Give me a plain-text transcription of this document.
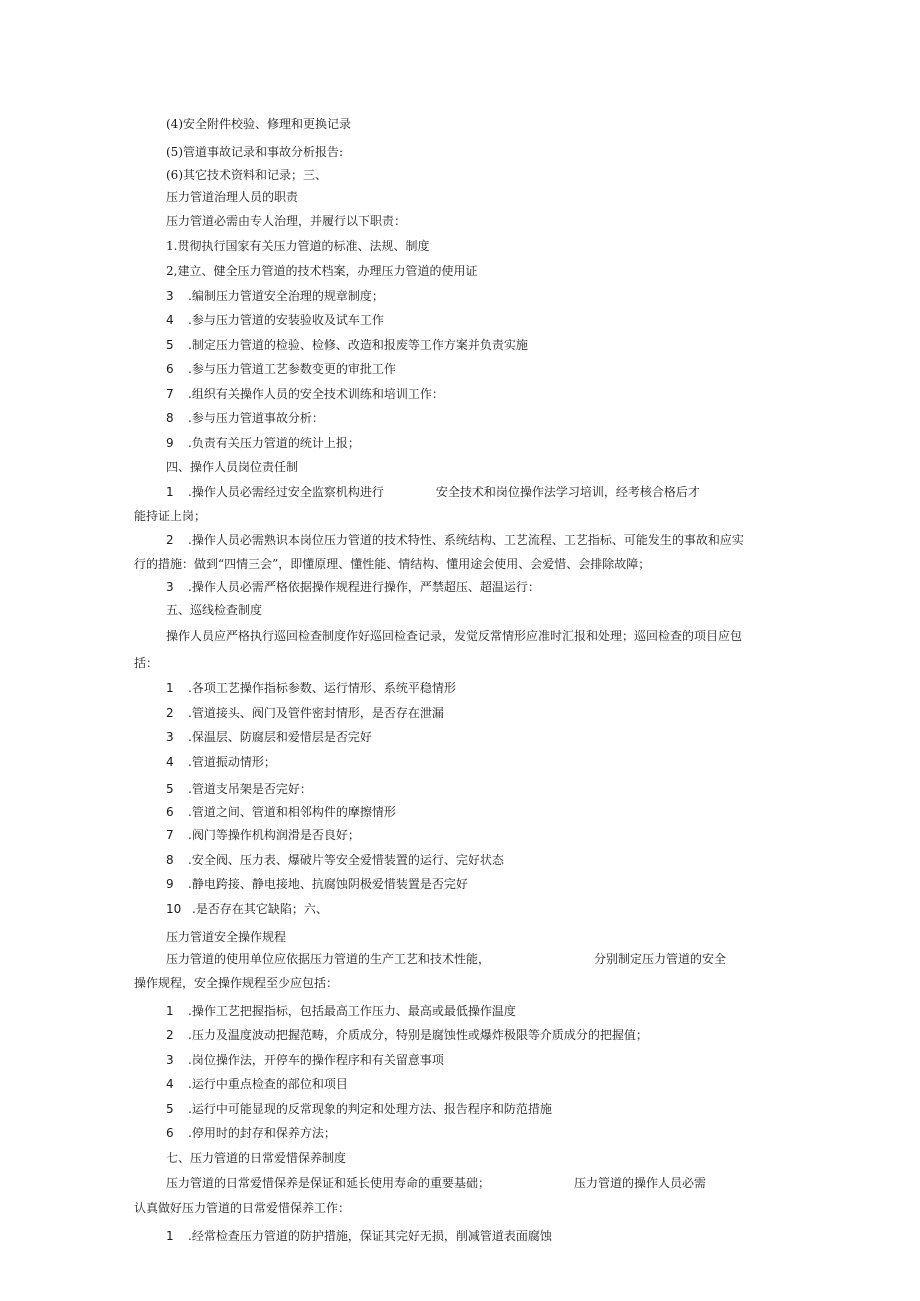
(4)安全附件校验、修理和更换记录
(5)管道事故记录和事故分析报告:
(6)其它技术资料和记录；三、
压力管道治理人员的职责
压力管道必需由专人治理，并履行以下职责：
1.贯彻执行国家有关压力管道的标准、法规、制度
2,建立、健全压力管道的技术档案，办理压力管道的使用证
3 .编制压力管道安全治理的规章制度；
4 .参与压力管道的安装验收及试车工作
5 .制定压力管道的检验、检修、改造和报废等工作方案并负责实施
6 .参与压力管道工艺参数变更的审批工作
7 .组织有关操作人员的安全技术训练和培训工作：
8 .参与压力管道事故分析：
9 .负责有关压力管道的统计上报；
四、操作人员岗位责任制
1 .操作人员必需经过安全监察机构进行	安全技术和岗位操作法学习培训，经考核合格后才
能持证上岗；
2 .操作人员必需熟识本岗位压力管道的技术特性、系统结构、工艺流程、工艺指标、可能发生的事故和应实
行的措施：做到“四情三会”，即懂原理、懂性能、情结构、懂用途会使用、会爱惜、会排除故障；
3 .操作人员必需严格依据操作规程进行操作，严禁超压、超温运行：
五、巡线检查制度
操作人员应严格执行巡回检查制度作好巡回检查记录，发觉反常情形应准时汇报和处理；巡回检查的项目应包
括：
1 .各项工艺操作指标参数、运行情形、系统平稳情形
2 .管道接头、阀门及管件密封情形，是否存在泄漏
3 .保温层、防腐层和爱惜层是否完好
4 .管道振动情形；
5 .管道支吊架是否完好：
6 .管道之间、管道和相邻构件的摩擦情形
7 .阀门等操作机构润滑是否良好；
8 .安全阀、压力表、爆破片等安全爱惜装置的运行、完好状态
9 .静电跨接、静电接地、抗腐蚀阴极爱惜装置是否完好
10 .是否存在其它缺陷；六、
压力管道安全操作规程
压力管道的使用单位应依据压力管道的生产工艺和技术性能，	分别制定压力管道的安全
操作规程，安全操作规程至少应包括：
1 .操作工艺把握指标，包括最高工作压力、最高或最低操作温度
2 .压力及温度波动把握范畴，介质成分，特别是腐蚀性或爆炸极限等介质成分的把握值；
3 .岗位操作法，开停车的操作程序和有关留意事项
4 .运行中重点检查的部位和项目
5 .运行中可能显现的反常现象的判定和处理方法、报告程序和防范措施
6 .停用时的封存和保养方法；
七、压力管道的日常爱惜保养制度
压力管道的日常爱惜保养是保证和延长使用寿命的重要基础；	压力管道的操作人员必需
认真做好压力管道的日常爱惜保养工作：
1 .经常检查压力管道的防护措施，保证其完好无损，削减管道表面腐蚀
